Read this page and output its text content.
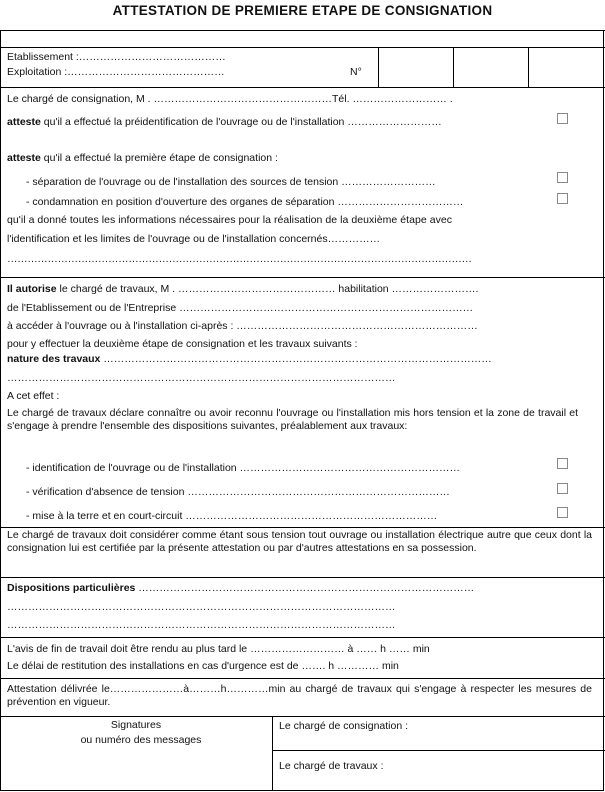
ATTESTATION DE PREMIERE ETAPE DE CONSIGNATION
Etablissement :……………………………………
Exploitation :………………………………………	N°
Le chargé de consignation, M . ……………………………………………Tél. ……………………… .
atteste qu'il a effectué la préidentification de l'ouvrage ou de l'installation ………………………
atteste qu'il a effectué la première étape de consignation :
- séparation de l'ouvrage ou de l'installation des sources de tension ………………………
- condamnation en position d'ouverture des organes de séparation ………………………………
qu'il a donné toutes les informations nécessaires pour la réalisation de la deuxième étape avec
l'identification et les limites de l'ouvrage ou de l'installation concernés……………
…………………………………………………………………………………………………………………………
Il autorise le chargé de travaux, M . ……………………………………… habilitation …………………….
de l'Etablissement ou de l'Entreprise …………………………………………………………………………
à accéder à l'ouvrage ou à l'installation ci-après : ……………………………………………………………
pour y effectuer la deuxième étape de consignation et les travaux suivants :
nature des travaux …………………………………………………………………………………………………
…………………………………………………………………………………………………
A cet effet :
Le chargé de travaux déclare connaître ou avoir reconnu l'ouvrage ou l'installation mis hors tension et la zone de travail et s'engage à prendre l'ensemble des dispositions suivantes, préalablement aux travaux:
- identification de l'ouvrage ou de l'installation ………………………………………………………
- vérification d'absence de tension …………………………………………………………………
- mise à la terre et en court-circuit ………………………………………………………………
Le chargé de travaux doit considérer comme étant sous tension tout ouvrage ou installation électrique autre que ceux dont la consignation lui est certifiée par la présente attestation ou par d'autres attestations en sa possession.
Dispositions particulières ……………………………………………………………………………………
…………………………………………………………………………………………………
…………………………………………………………………………………………………
L'avis de fin de travail doit être rendu au plus tard le ……………………… à …… h …… min
Le délai de restitution des installations en cas d'urgence est de ……. h ………… min
Attestation délivrée le…………………à………h…………min au chargé de travaux qui s'engage à respecter les mesures de prévention en vigueur.
Signatures
ou numéro des messages
Le chargé de consignation :
Le chargé de travaux :
